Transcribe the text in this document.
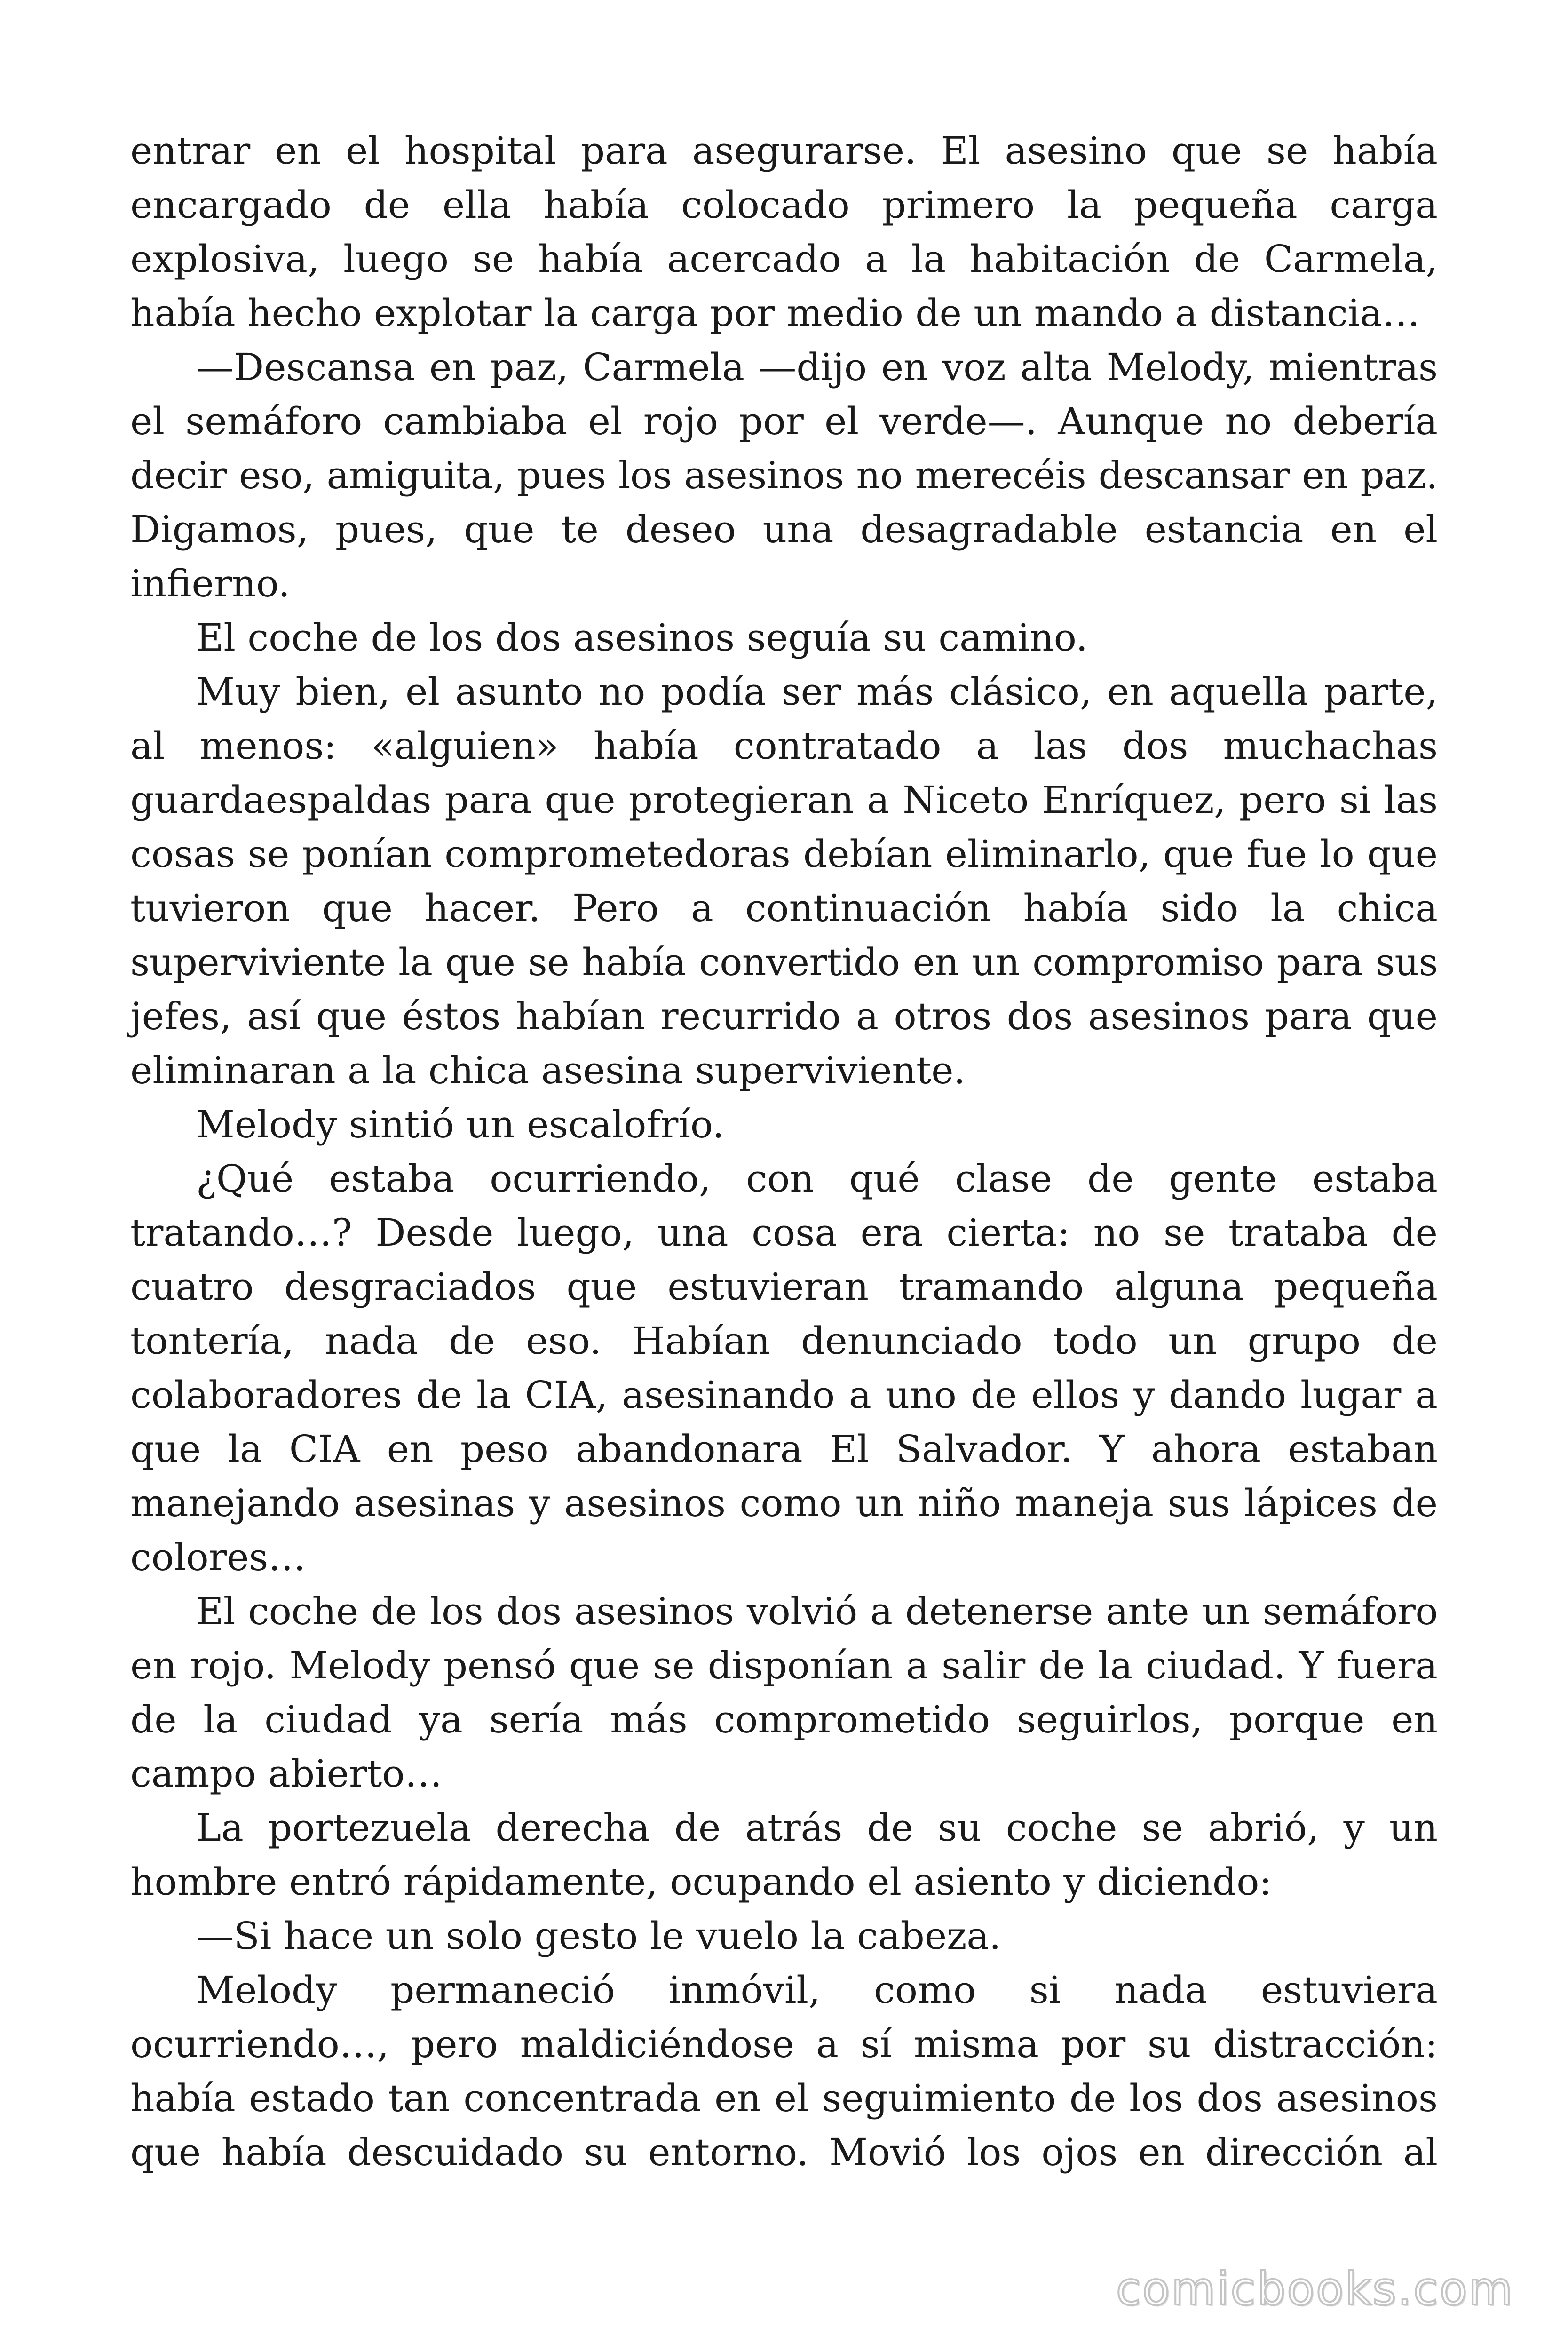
entrar en el hospital para asegurarse. El asesino que se había
encargado de ella había colocado primero la pequeña carga
explosiva, luego se había acercado a la habitación de Carmela,
había hecho explotar la carga por medio de un mando a distancia…
—Descansa en paz, Carmela —dijo en voz alta Melody, mientras
el semáforo cambiaba el rojo por el verde—. Aunque no debería
decir eso, amiguita, pues los asesinos no merecéis descansar en paz.
Digamos, pues, que te deseo una desagradable estancia en el
infierno.
El coche de los dos asesinos seguía su camino.
Muy bien, el asunto no podía ser más clásico, en aquella parte,
al menos: «alguien» había contratado a las dos muchachas
guardaespaldas para que protegieran a Niceto Enríquez, pero si las
cosas se ponían comprometedoras debían eliminarlo, que fue lo que
tuvieron que hacer. Pero a continuación había sido la chica
superviviente la que se había convertido en un compromiso para sus
jefes, así que éstos habían recurrido a otros dos asesinos para que
eliminaran a la chica asesina superviviente.
Melody sintió un escalofrío.
¿Qué estaba ocurriendo, con qué clase de gente estaba
tratando…? Desde luego, una cosa era cierta: no se trataba de
cuatro desgraciados que estuvieran tramando alguna pequeña
tontería, nada de eso. Habían denunciado todo un grupo de
colaboradores de la CIA, asesinando a uno de ellos y dando lugar a
que la CIA en peso abandonara El Salvador. Y ahora estaban
manejando asesinas y asesinos como un niño maneja sus lápices de
colores…
El coche de los dos asesinos volvió a detenerse ante un semáforo
en rojo. Melody pensó que se disponían a salir de la ciudad. Y fuera
de la ciudad ya sería más comprometido seguirlos, porque en
campo abierto…
La portezuela derecha de atrás de su coche se abrió, y un
hombre entró rápidamente, ocupando el asiento y diciendo:
—Si hace un solo gesto le vuelo la cabeza.
Melody permaneció inmóvil, como si nada estuviera
ocurriendo…, pero maldiciéndose a sí misma por su distracción:
había estado tan concentrada en el seguimiento de los dos asesinos
que había descuidado su entorno. Movió los ojos en dirección al
comicbooks.com
